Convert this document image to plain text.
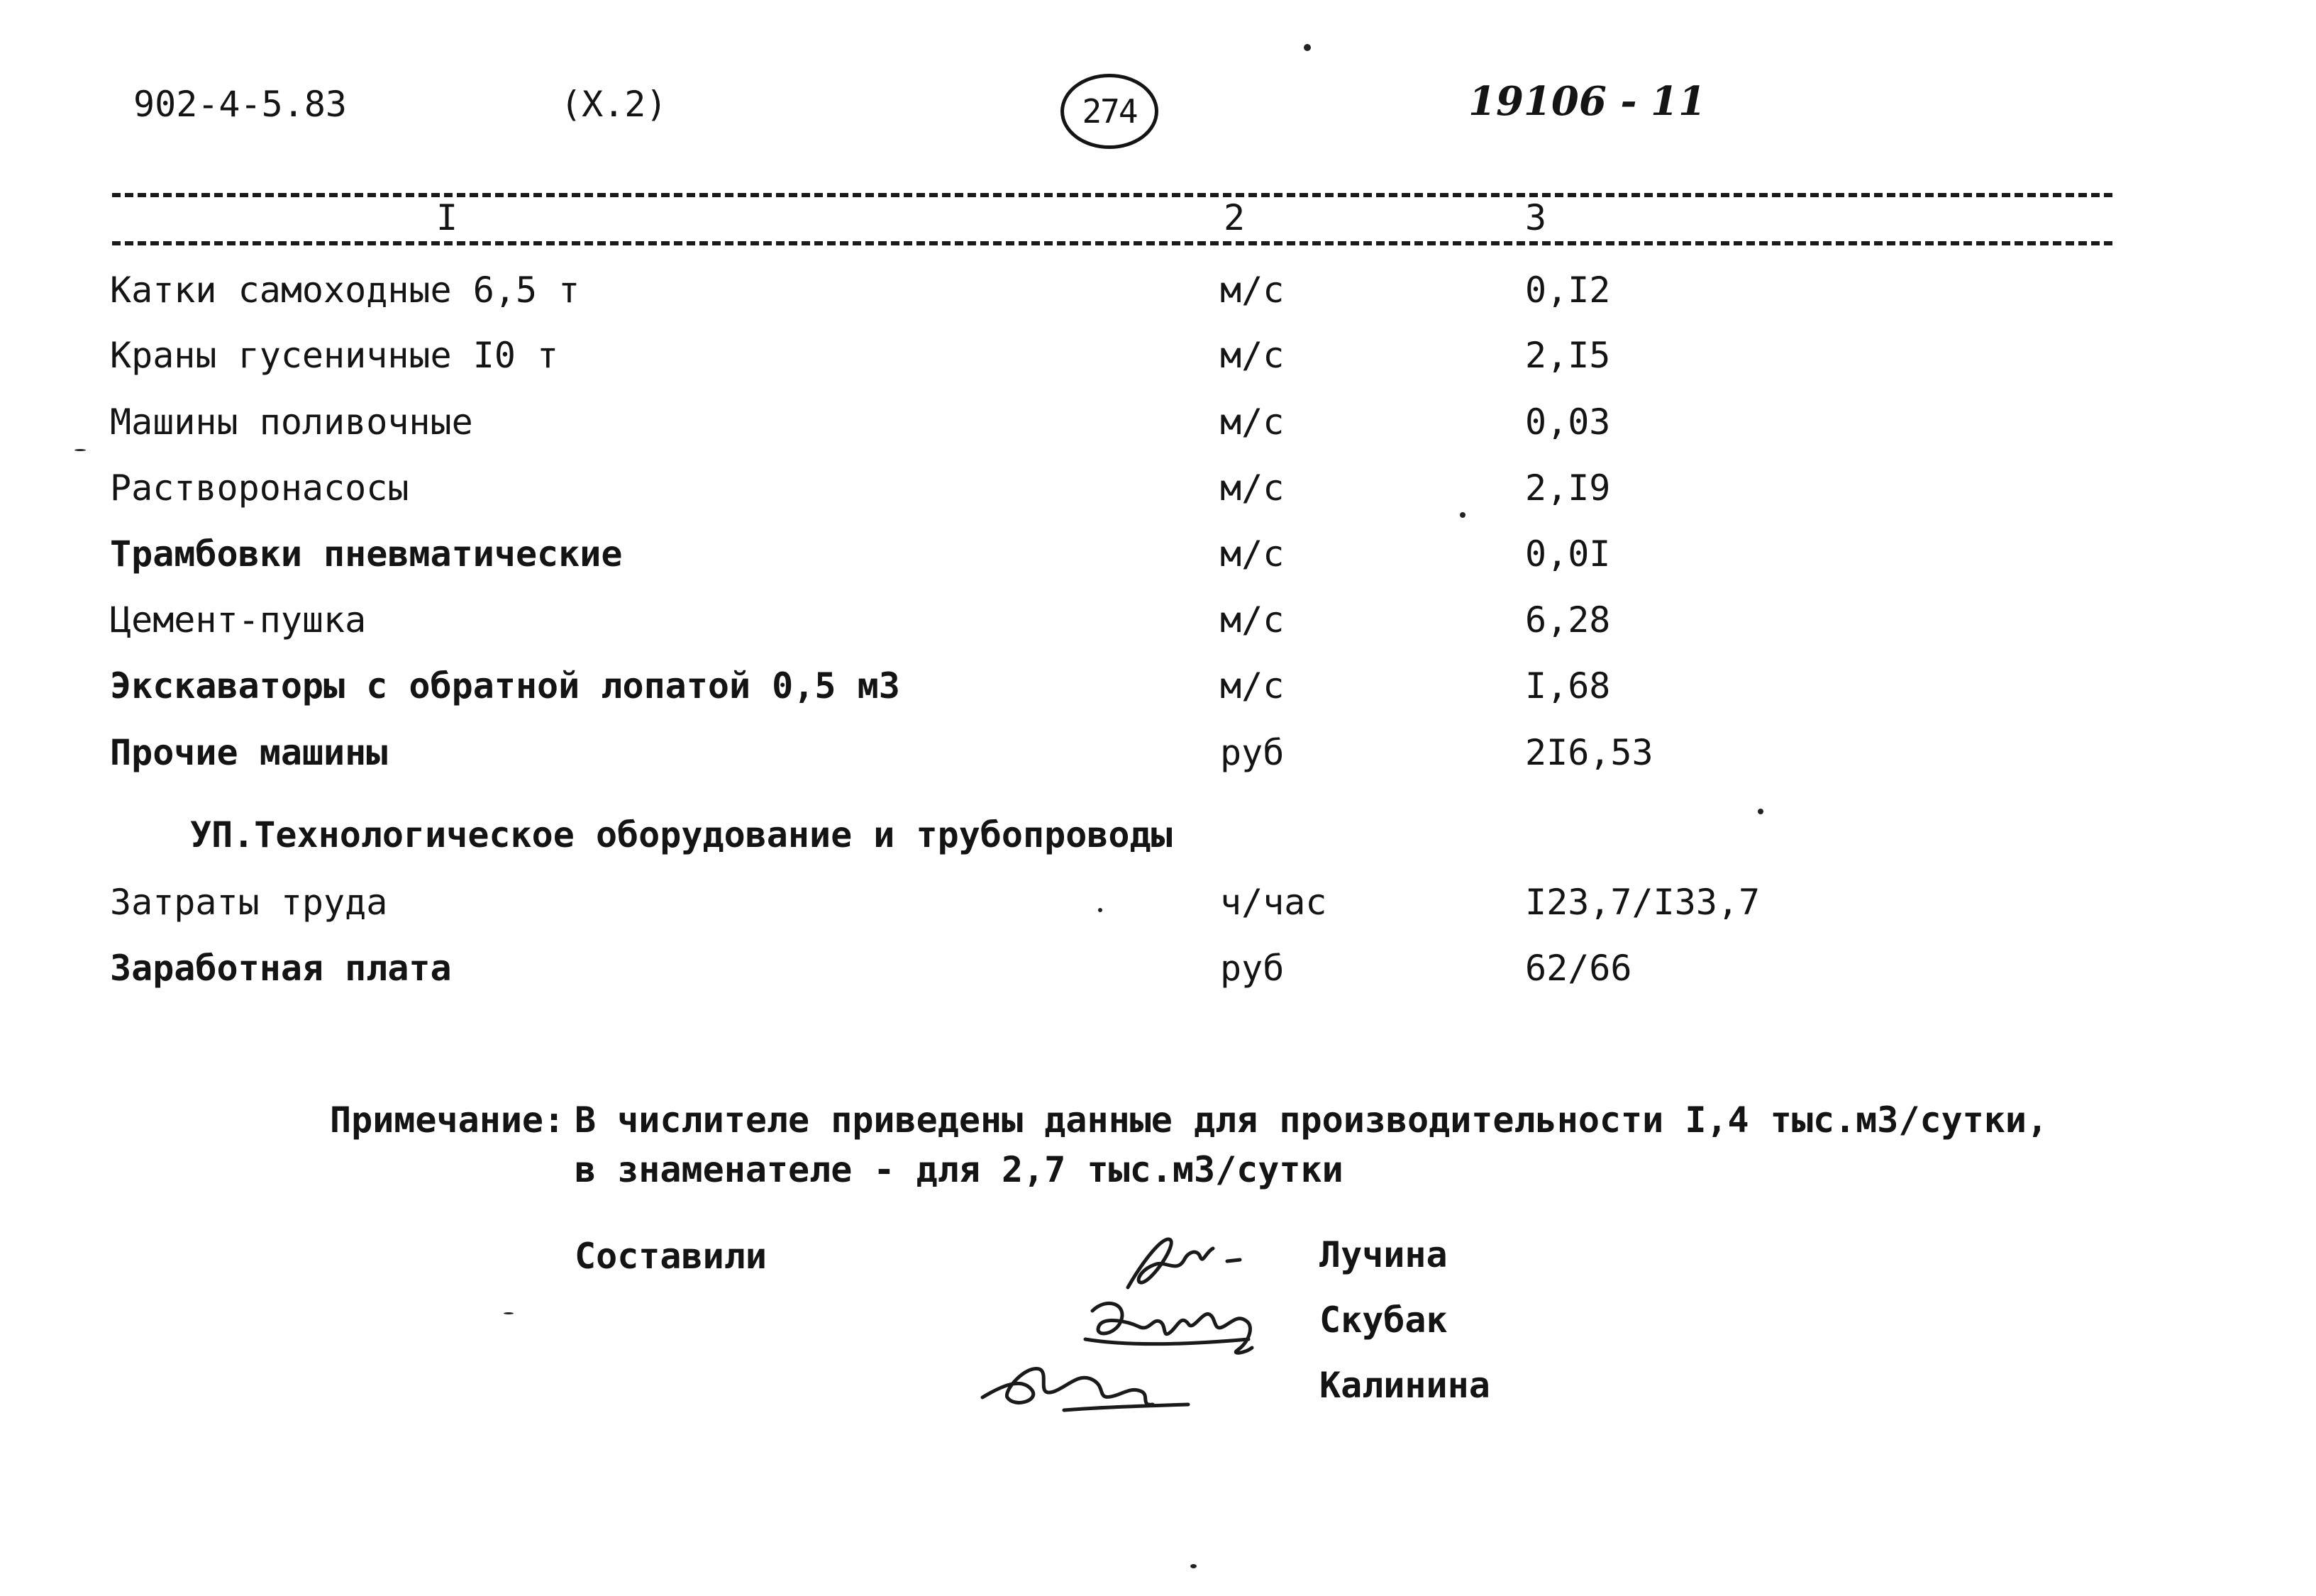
902-4-5.83	(X.2)	274	19106 - 11
I	2	3
Катки самоходные 6,5 т	м/с	0,I2
Краны гусеничные I0 т	м/с	2,I5
Машины поливочные	м/с	0,03
Растворонасосы	м/с	2,I9
Трамбовки пневматические	м/с	0,0I
Цемент-пушка	м/с	6,28
Экскаваторы с обратной лопатой 0,5 м3	м/с	I,68
Прочие машины	руб	2I6,53
УП.Технологическое оборудование и трубопроводы
Затраты труда	ч/час	I23,7/I33,7
Заработная плата	руб	62/66
Примечание: В числителе приведены данные для производительности I,4 тыс.м3/сутки,
в знаменателе - для 2,7 тыс.м3/сутки
Составили	Лучина
Скубак
Калинина
